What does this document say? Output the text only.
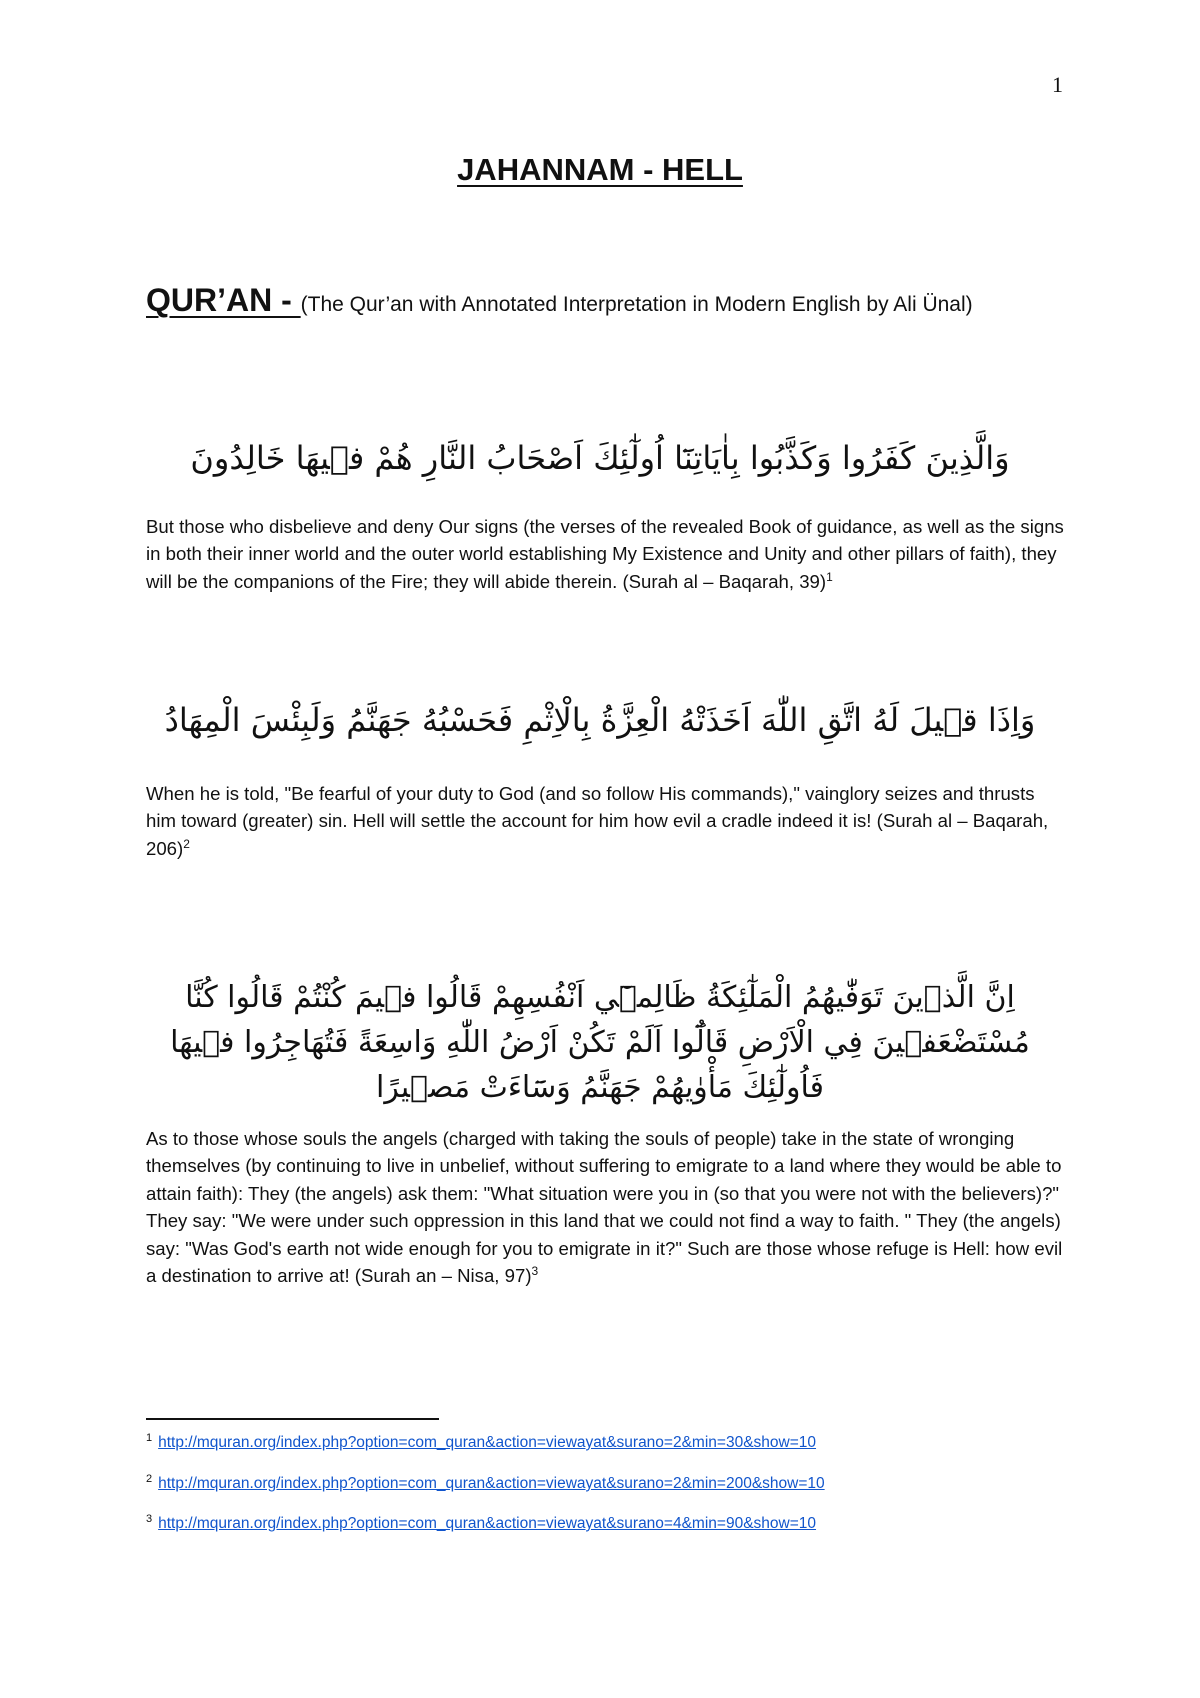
1
JAHANNAM - HELL
QUR’AN - (The Qur’an with Annotated Interpretation in Modern English by Ali Ünal)
وَالَّذِينَ كَفَرُوا وَكَذَّبُوا بِاٰيَاتِنَٓا اُولٰٓئِكَ اَصْحَابُ النَّارِ هُمْ ف۪يهَا خَالِدُونَ
But those who disbelieve and deny Our signs (the verses of the revealed Book of guidance, as well as the signs in both their inner world and the outer world establishing My Existence and Unity and other pillars of faith), they will be the companions of the Fire; they will abide therein. (Surah al – Baqarah, 39)$^1$
وَاِذَا ق۪يلَ لَهُ اتَّقِ اللّٰهَ اَخَذَتْهُ الْعِزَّةُ بِالْاِثْمِ فَحَسْبُهُ جَهَنَّمُ وَلَبِئْسَ الْمِهَادُ
When he is told, "Be fearful of your duty to God (and so follow His commands)," vainglory seizes and thrusts him toward (greater) sin. Hell will settle the account for him how evil a cradle indeed it is! (Surah al – Baqarah, 206)$^2$
اِنَّ الَّذ۪ينَ تَوَفّٰيهُمُ الْمَلٰٓئِكَةُ ظَالِم۪ٓي اَنْفُسِهِمْ قَالُوا ف۪يمَ كُنْتُمْ قَالُوا كُنَّا مُسْتَضْعَف۪ينَ فِي الْاَرْضِ قَالُٓوا اَلَمْ تَكُنْ اَرْضُ اللّٰهِ وَاسِعَةً فَتُهَاجِرُوا ف۪يهَا فَاُولٰٓئِكَ مَأْوٰيهُمْ جَهَنَّمُ وَسَٓاءَتْ مَص۪يرًا
As to those whose souls the angels (charged with taking the souls of people) take in the state of wronging themselves (by continuing to live in unbelief, without suffering to emigrate to a land where they would be able to attain faith): They (the angels) ask them: "What situation were you in (so that you were not with the believers)?" They say: "We were under such oppression in this land that we could not find a way to faith. " They (the angels) say: "Was God's earth not wide enough for you to emigrate in it?" Such are those whose refuge is Hell: how evil a destination to arrive at! (Surah an – Nisa, 97)$^3$
$^1$ http://mquran.org/index.php?option=com_quran&action=viewayat&surano=2&min=30&show=10
$^2$ http://mquran.org/index.php?option=com_quran&action=viewayat&surano=2&min=200&show=10
$^3$ http://mquran.org/index.php?option=com_quran&action=viewayat&surano=4&min=90&show=10
